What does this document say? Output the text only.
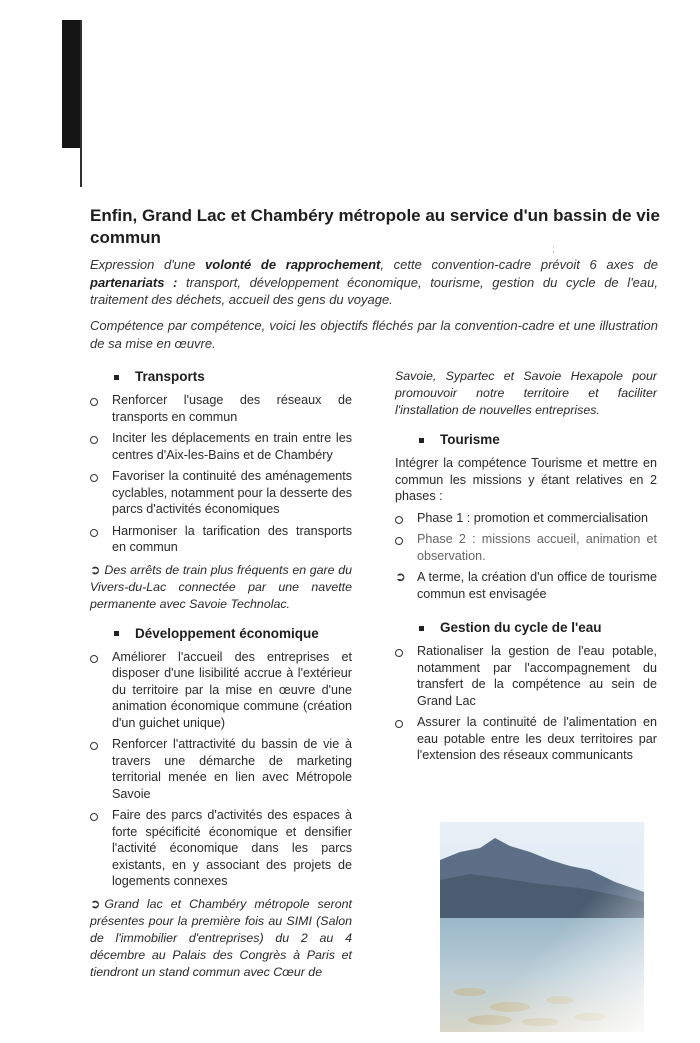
;
Enfin, Grand Lac et Chambéry métropole au service d'un bassin de vie commun

Expression d'une volonté de rapprochement, cette convention-cadre prévoit 6 axes de partenariats : transport, développement économique, tourisme, gestion du cycle de l'eau, traitement des déchets, accueil des gens du voyage.

Compétence par compétence, voici les objectifs fléchés par la convention-cadre et une illustration de sa mise en œuvre.

Transports
Renforcer l'usage des réseaux de transports en commun
Inciter les déplacements en train entre les centres d'Aix-les-Bains et de Chambéry
Favoriser la continuité des aménagements cyclables, notamment pour la desserte des parcs d'activités économiques
Harmoniser la tarification des transports en commun

➲ Des arrêts de train plus fréquents en gare du Vivers-du-Lac connectée par une navette permanente avec Savoie Technolac.

Développement économique
Améliorer l'accueil des entreprises et disposer d'une lisibilité accrue à l'extérieur du territoire par la mise en œuvre d'une animation économique commune (création d'un guichet unique)
Renforcer l'attractivité du bassin de vie à travers une démarche de marketing territorial menée en lien avec Métropole Savoie
Faire des parcs d'activités des espaces à forte spécificité économique et densifier l'activité économique dans les parcs existants, en y associant des projets de logements connexes

➲ Grand lac et Chambéry métropole seront présentes pour la première fois au SIMI (Salon de l'immobilier d'entreprises) du 2 au 4 décembre au Palais des Congrès à Paris et tiendront un stand commun avec Cœur de

Savoie, Sypartec et Savoie Hexapole pour promouvoir notre territoire et faciliter l'installation de nouvelles entreprises.

Tourisme

Intégrer la compétence Tourisme et mettre en commun les missions y étant relatives en 2 phases :

Phase 1 : promotion et commercialisation
Phase 2 : missions accueil, animation et observation.
➲ A terme, la création d'un office de tourisme commun est envisagée
Gestion du cycle de l'eau
Rationaliser la gestion de l'eau potable, notamment par l'accompagnement du transfert de la compétence au sein de Grand Lac
Assurer la continuité de l'alimentation en eau potable entre les deux territoires par l'extension des réseaux communicants
